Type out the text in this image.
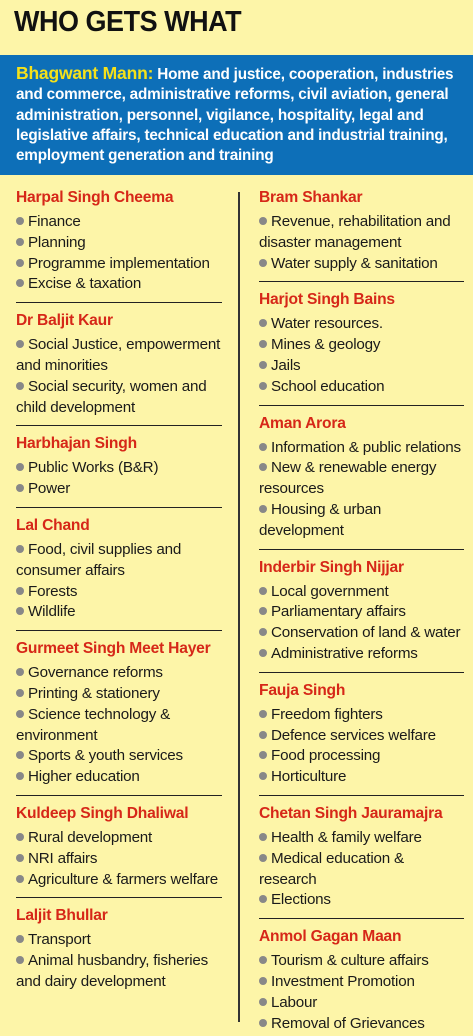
WHO GETS WHAT
Bhagwant Mann: Home and justice, cooperation, industries and commerce, administrative reforms, civil aviation, general administration, personnel, vigilance, hospitality, legal and legislative affairs, technical education and industrial training, employment generation and training
Harpal Singh Cheema
Finance
Planning
Programme implementation
Excise & taxation
Dr Baljit Kaur
Social Justice, empowerment and minorities
Social security, women and child development
Harbhajan Singh
Public Works (B&R)
Power
Lal Chand
Food, civil supplies and consumer affairs
Forests
Wildlife
Gurmeet Singh Meet Hayer
Governance reforms
Printing & stationery
Science technology & environment
Sports & youth services
Higher education
Kuldeep Singh Dhaliwal
Rural development
NRI affairs
Agriculture & farmers welfare
Laljit Bhullar
Transport
Animal husbandry, fisheries and dairy development
Bram Shankar
Revenue, rehabilitation and disaster management
Water supply & sanitation
Harjot Singh Bains
Water resources.
Mines & geology
Jails
School education
Aman Arora
Information & public relations
New & renewable energy resources
Housing & urban development
Inderbir Singh Nijjar
Local government
Parliamentary affairs
Conservation of land & water
Administrative reforms
Fauja Singh
Freedom fighters
Defence services welfare
Food processing
Horticulture
Chetan Singh Jauramajra
Health & family welfare
Medical education & research
Elections
Anmol Gagan Maan
Tourism & culture affairs
Investment Promotion
Labour
Removal of Grievances
